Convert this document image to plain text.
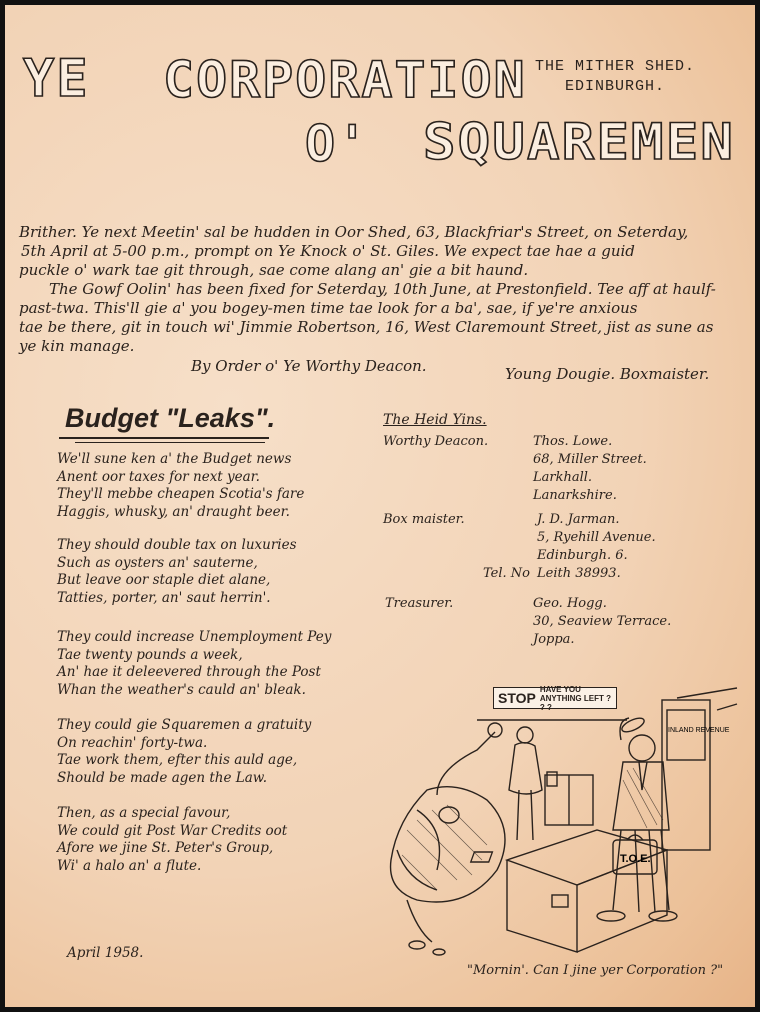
YE CORPORATION
O' SQUAREMEN
THE MITHER SHED.
EDINBURGH.
Brither. Ye next Meetin' sal be hudden in Oor Shed, 63, Blackfriar's Street, on Seterday,
5th April at 5-00 p.m., prompt on Ye Knock o' St. Giles. We expect tae hae a guid
puckle o' wark tae git through, sae come alang an' gie a bit haund.
The Gowf Oolin' has been fixed for Seterday, 10th June, at Prestonfield. Tee aff at haulf-
past-twa. This'll gie a' you bogey-men time tae look for a ba', sae, if ye're anxious
tae be there, git in touch wi' Jimmie Robertson, 16, West Claremount Street, jist as sune as
ye kin manage.
By Order o' Ye Worthy Deacon.	Young Dougie. Boxmaister.
Budget "Leaks".
We'll sune ken a' the Budget news
Anent oor taxes for next year.
They'll mebbe cheapen Scotia's fare
Haggis, whusky, an' draught beer.
They should double tax on luxuries
Such as oysters an' sauterne,
But leave oor staple diet alane,
Tatties, porter, an' saut herrin'.
They could increase Unemployment Pey
Tae twenty pounds a week,
An' hae it deleevered through the Post
Whan the weather's cauld an' bleak.
They could gie Squaremen a gratuity
On reachin' forty-twa.
Tae work them, efter this auld age,
Should be made agen the Law.
Then, as a special favour,
We could git Post War Credits oot
Afore we jine St. Peter's Group,
Wi' a halo an' a flute.
April 1958.
The Heid Yins.
Worthy Deacon.	Thos. Lowe.
68, Miller Street.
Larkhall.
Lanarkshire.
Box maister.	J. D. Jarman.
5, Ryehill Avenue.
Edinburgh. 6.
Tel. No Leith 38993.
Treasurer.	Geo. Hogg.
30, Seaview Terrace.
Joppa.
STOP
HAVE YOU ANYTHING LEFT ? ? ?
INLAND REVENUE
T.O.E.
"Mornin'. Can I jine yer Corporation ?"
